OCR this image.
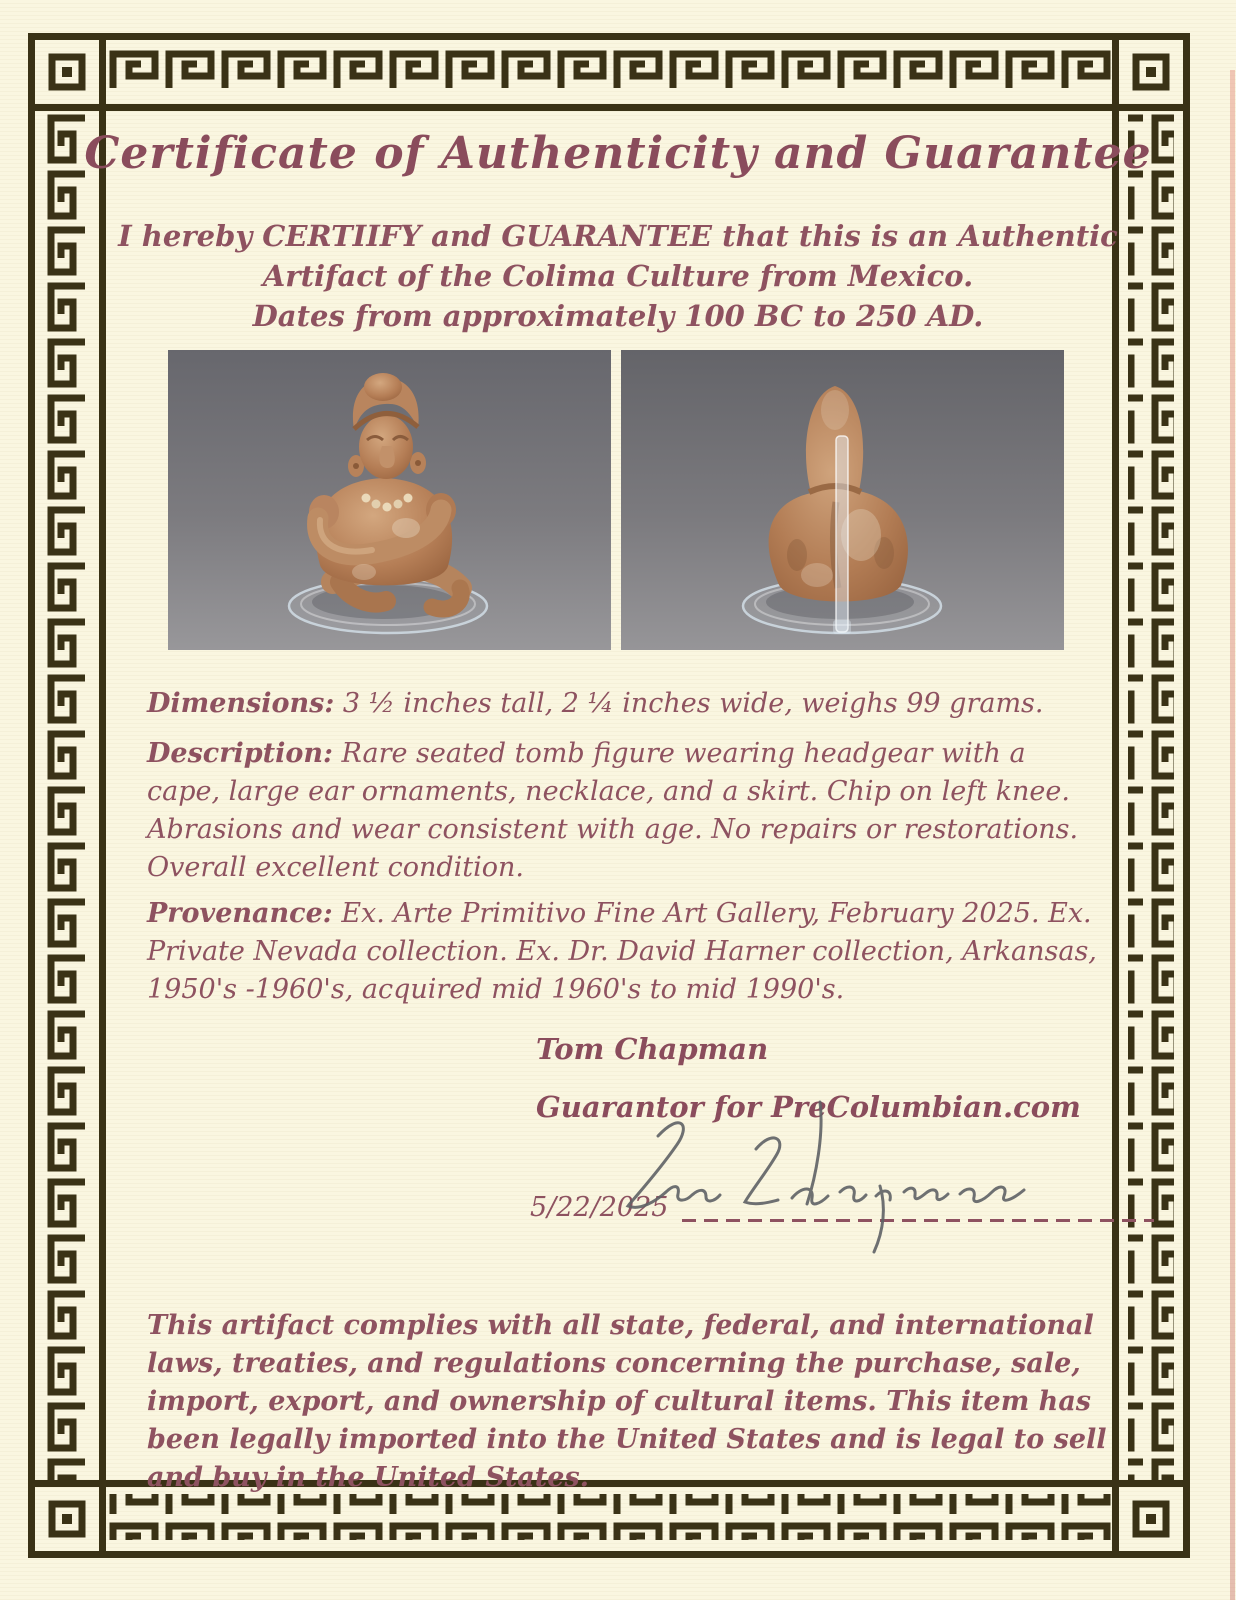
Certificate of Authenticity and Guarantee
I hereby CERTIIFY and GUARANTEE that this is an Authentic
Artifact of the Colima Culture from Mexico.
Dates from approximately 100 BC to 250 AD.

Dimensions: 3 ½ inches tall, 2 ¼ inches wide, weighs 99 grams.

Description: Rare seated tomb figure wearing headgear with a cape, large ear ornaments, necklace, and a skirt. Chip on left knee. Abrasions and wear consistent with age. No repairs or restorations. Overall excellent condition.

Provenance: Ex. Arte Primitivo Fine Art Gallery, February 2025. Ex. Private Nevada collection. Ex. Dr. David Harner collection, Arkansas, 1950's -1960's, acquired mid 1960's to mid 1990's.

Tom Chapman
Guarantor for PreColumbian.com
5/22/2025

This artifact complies with all state, federal, and international laws, treaties, and regulations concerning the purchase, sale, import, export, and ownership of cultural items. This item has been legally imported into the United States and is legal to sell and buy in the United States.
